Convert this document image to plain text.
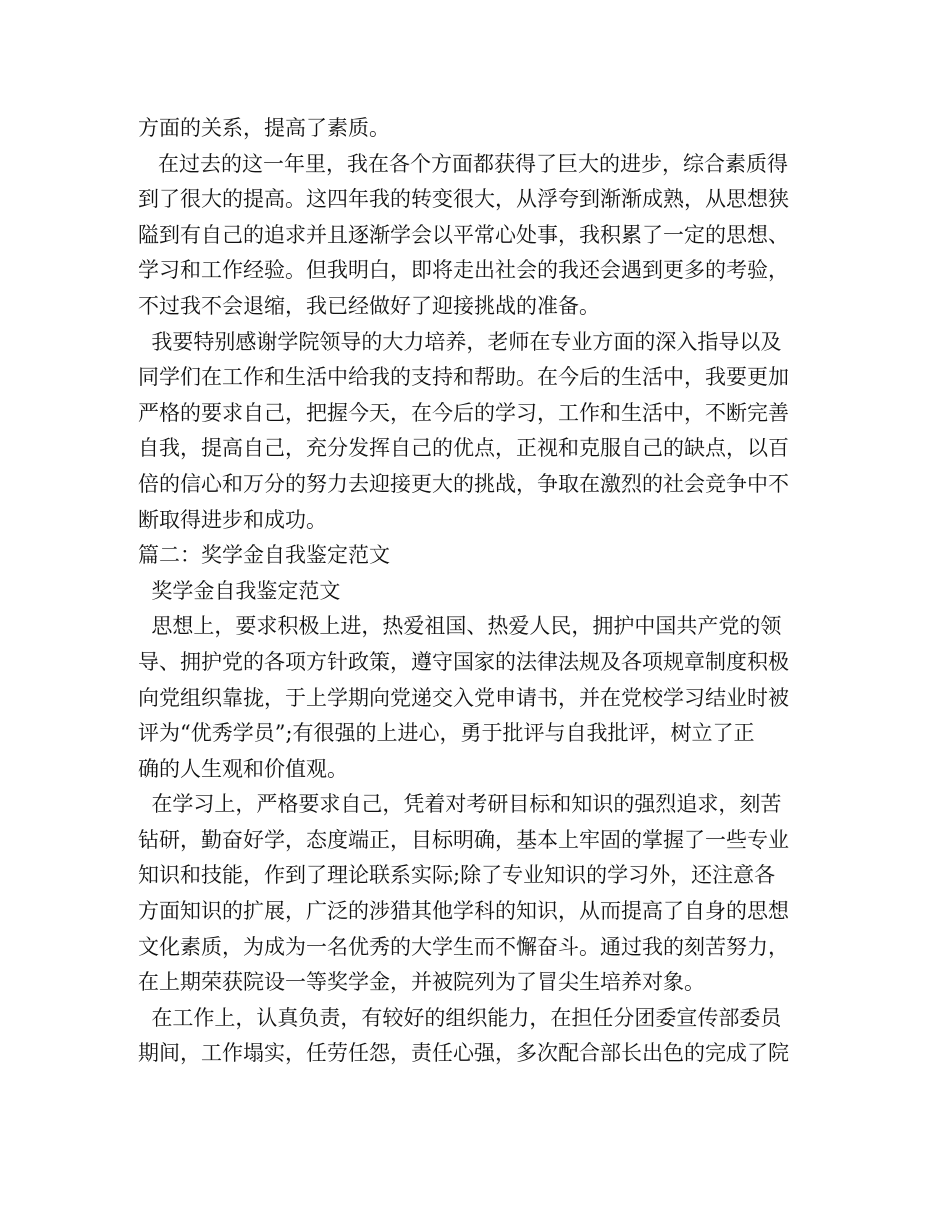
方面的关系，提高了素质。
在过去的这一年里，我在各个方面都获得了巨大的进步，综合素质得
到了很大的提高。这四年我的转变很大，从浮夸到渐渐成熟，从思想狭
隘到有自己的追求并且逐渐学会以平常心处事，我积累了一定的思想、
学习和工作经验。但我明白，即将走出社会的我还会遇到更多的考验，
不过我不会退缩，我已经做好了迎接挑战的准备。
我要特别感谢学院领导的大力培养，老师在专业方面的深入指导以及
同学们在工作和生活中给我的支持和帮助。在今后的生活中，我要更加
严格的要求自己，把握今天，在今后的学习，工作和生活中，不断完善
自我，提高自己，充分发挥自己的优点，正视和克服自己的缺点，以百
倍的信心和万分的努力去迎接更大的挑战，争取在激烈的社会竞争中不
断取得进步和成功。
篇二：奖学金自我鉴定范文
奖学金自我鉴定范文
思想上，要求积极上进，热爱祖国、热爱人民，拥护中国共产党的领
导、拥护党的各项方针政策，遵守国家的法律法规及各项规章制度积极
向党组织靠拢，于上学期向党递交入党申请书，并在党校学习结业时被
评为“优秀学员”;有很强的上进心，勇于批评与自我批评，树立了正
确的人生观和价值观。
在学习上，严格要求自己，凭着对考研目标和知识的强烈追求，刻苦
钻研，勤奋好学，态度端正，目标明确，基本上牢固的掌握了一些专业
知识和技能，作到了理论联系实际;除了专业知识的学习外，还注意各
方面知识的扩展，广泛的涉猎其他学科的知识，从而提高了自身的思想
文化素质，为成为一名优秀的大学生而不懈奋斗。通过我的刻苦努力，
在上期荣获院设一等奖学金，并被院列为了冒尖生培养对象。
在工作上，认真负责，有较好的组织能力，在担任分团委宣传部委员
期间，工作塌实，任劳任怨，责任心强，多次配合部长出色的完成了院
